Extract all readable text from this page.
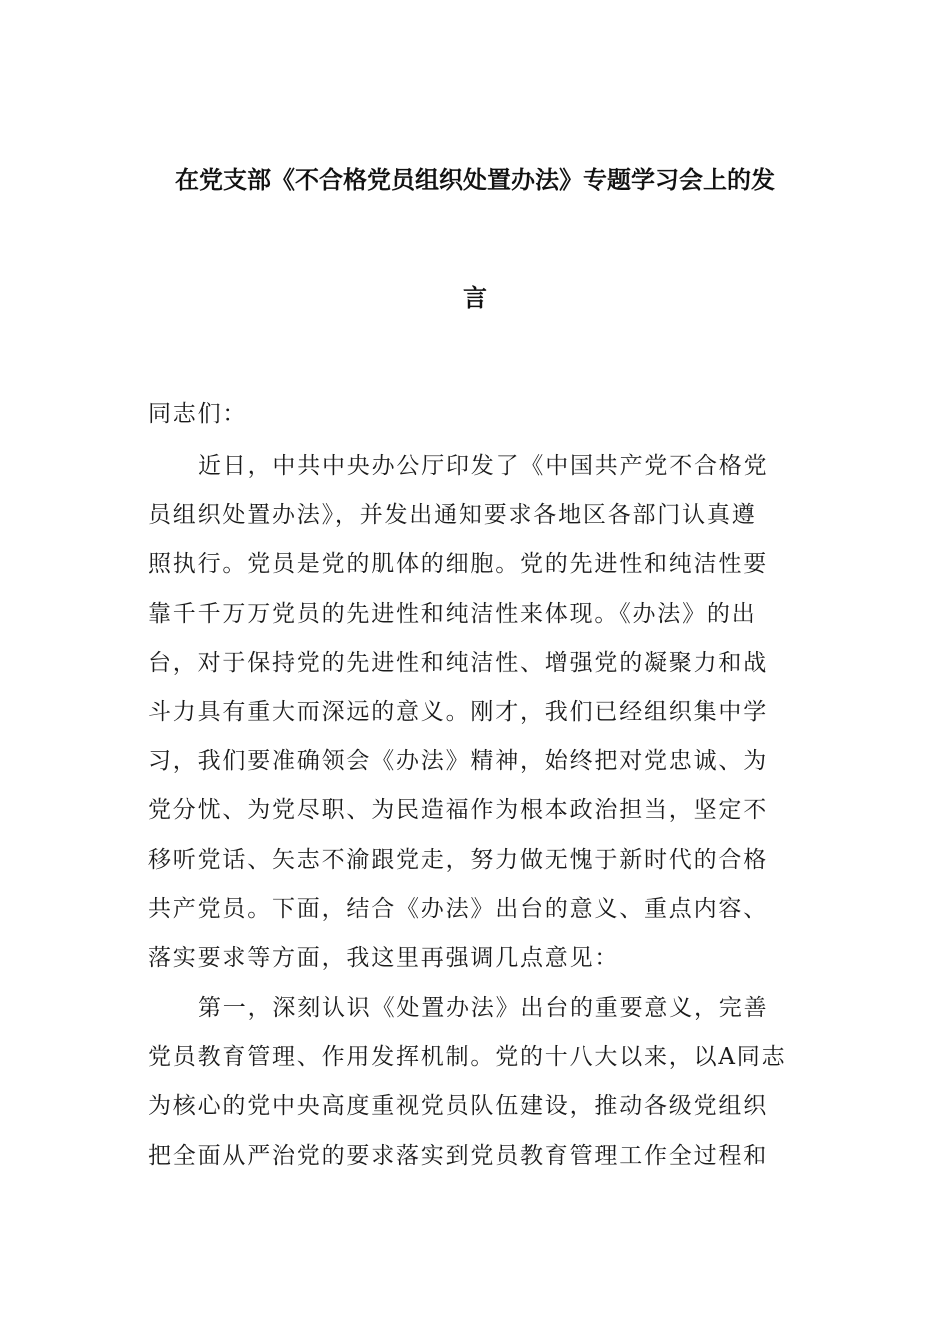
在党支部《不合格党员组织处置办法》专题学习会上的发
言
同志们：
近日，中共中央办公厅印发了《中国共产党不合格党
员组织处置办法》，并发出通知要求各地区各部门认真遵
照执行。党员是党的肌体的细胞。党的先进性和纯洁性要
靠千千万万党员的先进性和纯洁性来体现。《办法》的出
台，对于保持党的先进性和纯洁性、增强党的凝聚力和战
斗力具有重大而深远的意义。刚才，我们已经组织集中学
习，我们要准确领会《办法》精神，始终把对党忠诚、为
党分忧、为党尽职、为民造福作为根本政治担当，坚定不
移听党话、矢志不渝跟党走，努力做无愧于新时代的合格
共产党员。下面，结合《办法》出台的意义、重点内容、
落实要求等方面，我这里再强调几点意见：
第一，深刻认识《处置办法》出台的重要意义，完善
党员教育管理、作用发挥机制。党的十八大以来，以A同志
为核心的党中央高度重视党员队伍建设，推动各级党组织
把全面从严治党的要求落实到党员教育管理工作全过程和
